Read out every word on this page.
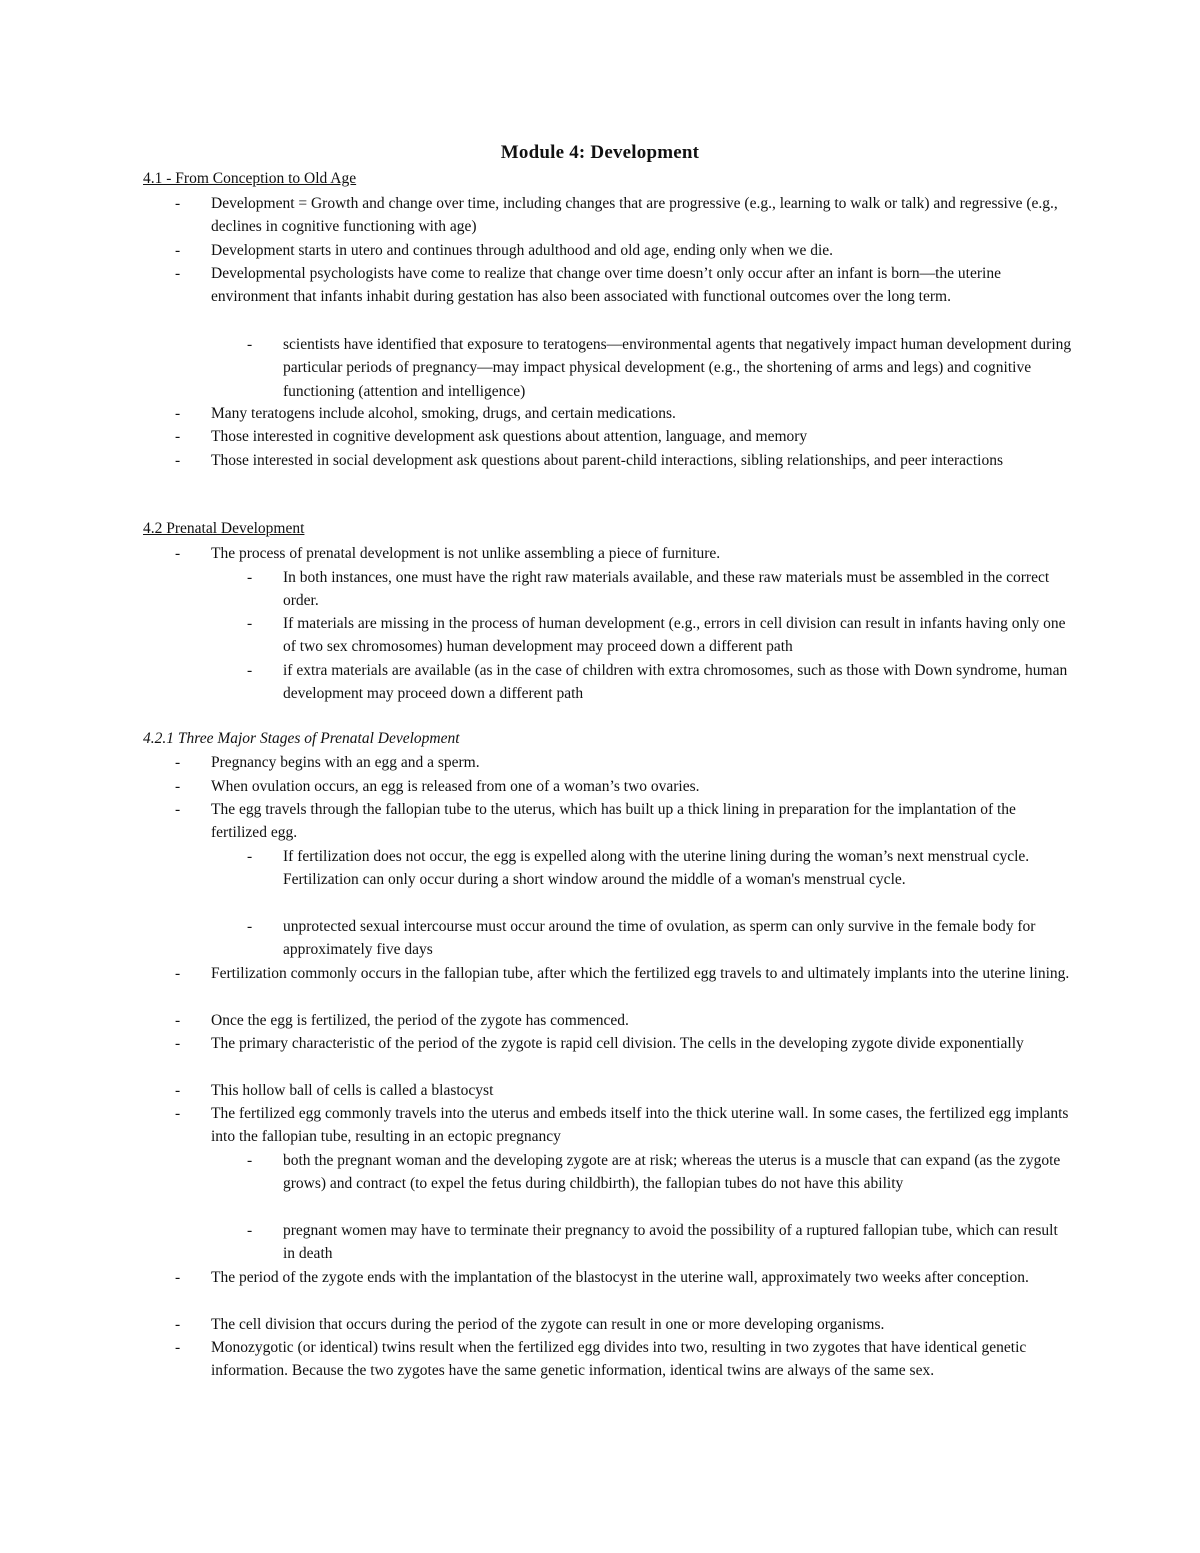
Module 4: Development
4.1 - From Conception to Old Age
- Development = Growth and change over time, including changes that are progressive (e.g., learning to walk or talk) and regressive (e.g., declines in cognitive functioning with age)
- Development starts in utero and continues through adulthood and old age, ending only when we die.
- Developmental psychologists have come to realize that change over time doesn’t only occur after an infant is born—the uterine environment that infants inhabit during gestation has also been associated with functional outcomes over the long term.
- scientists have identified that exposure to teratogens—environmental agents that negatively impact human development during particular periods of pregnancy—may impact physical development (e.g., the shortening of arms and legs) and cognitive functioning (attention and intelligence)
- Many teratogens include alcohol, smoking, drugs, and certain medications.
- Those interested in cognitive development ask questions about attention, language, and memory
- Those interested in social development ask questions about parent-child interactions, sibling relationships, and peer interactions
4.2 Prenatal Development
- The process of prenatal development is not unlike assembling a piece of furniture.
- In both instances, one must have the right raw materials available, and these raw materials must be assembled in the correct order.
- If materials are missing in the process of human development (e.g., errors in cell division can result in infants having only one of two sex chromosomes) human development may proceed down a different path
- if extra materials are available (as in the case of children with extra chromosomes, such as those with Down syndrome, human development may proceed down a different path
4.2.1 Three Major Stages of Prenatal Development
- Pregnancy begins with an egg and a sperm.
- When ovulation occurs, an egg is released from one of a woman’s two ovaries.
- The egg travels through the fallopian tube to the uterus, which has built up a thick lining in preparation for the implantation of the fertilized egg.
- If fertilization does not occur, the egg is expelled along with the uterine lining during the woman’s next menstrual cycle. Fertilization can only occur during a short window around the middle of a woman's menstrual cycle.
- unprotected sexual intercourse must occur around the time of ovulation, as sperm can only survive in the female body for approximately five days
- Fertilization commonly occurs in the fallopian tube, after which the fertilized egg travels to and ultimately implants into the uterine lining.
- Once the egg is fertilized, the period of the zygote has commenced.
- The primary characteristic of the period of the zygote is rapid cell division. The cells in the developing zygote divide exponentially
- This hollow ball of cells is called a blastocyst
- The fertilized egg commonly travels into the uterus and embeds itself into the thick uterine wall. In some cases, the fertilized egg implants into the fallopian tube, resulting in an ectopic pregnancy
- both the pregnant woman and the developing zygote are at risk; whereas the uterus is a muscle that can expand (as the zygote grows) and contract (to expel the fetus during childbirth), the fallopian tubes do not have this ability
- pregnant women may have to terminate their pregnancy to avoid the possibility of a ruptured fallopian tube, which can result in death
- The period of the zygote ends with the implantation of the blastocyst in the uterine wall, approximately two weeks after conception.
- The cell division that occurs during the period of the zygote can result in one or more developing organisms.
- Monozygotic (or identical) twins result when the fertilized egg divides into two, resulting in two zygotes that have identical genetic information. Because the two zygotes have the same genetic information, identical twins are always of the same sex.
